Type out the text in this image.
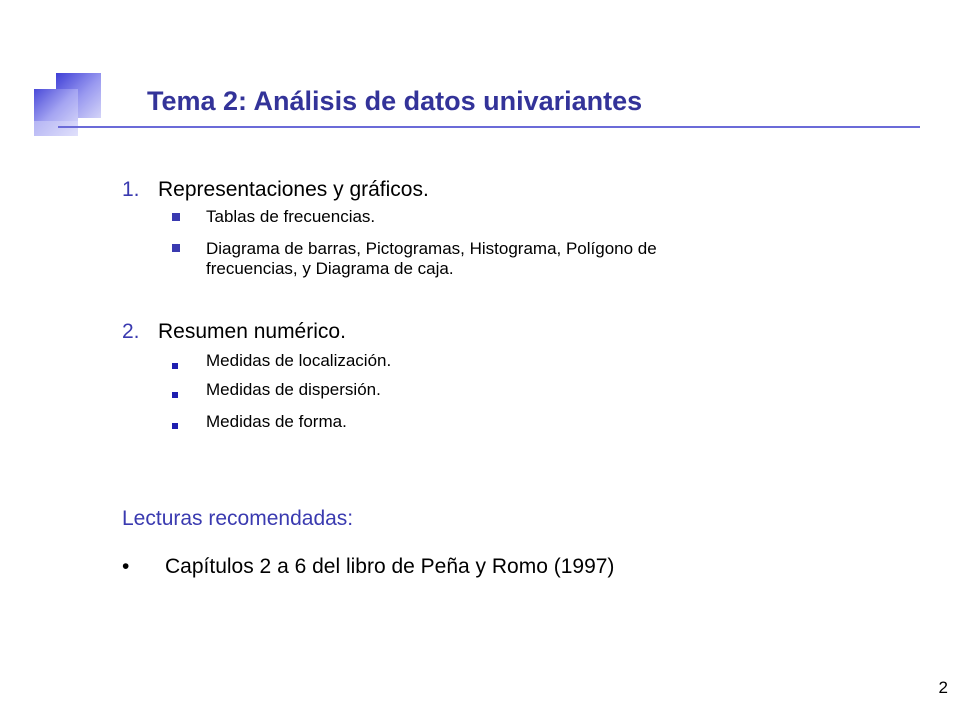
Tema 2: Análisis de datos univariantes
1. Representaciones y gráficos.
Tablas de frecuencias.
Diagrama de barras, Pictogramas, Histograma, Polígono de
frecuencias, y Diagrama de caja.
2. Resumen numérico.
Medidas de localización.
Medidas de dispersión.
Medidas de forma.
Lecturas recomendadas:
• Capítulos 2 a 6 del libro de Peña y Romo (1997)
2
